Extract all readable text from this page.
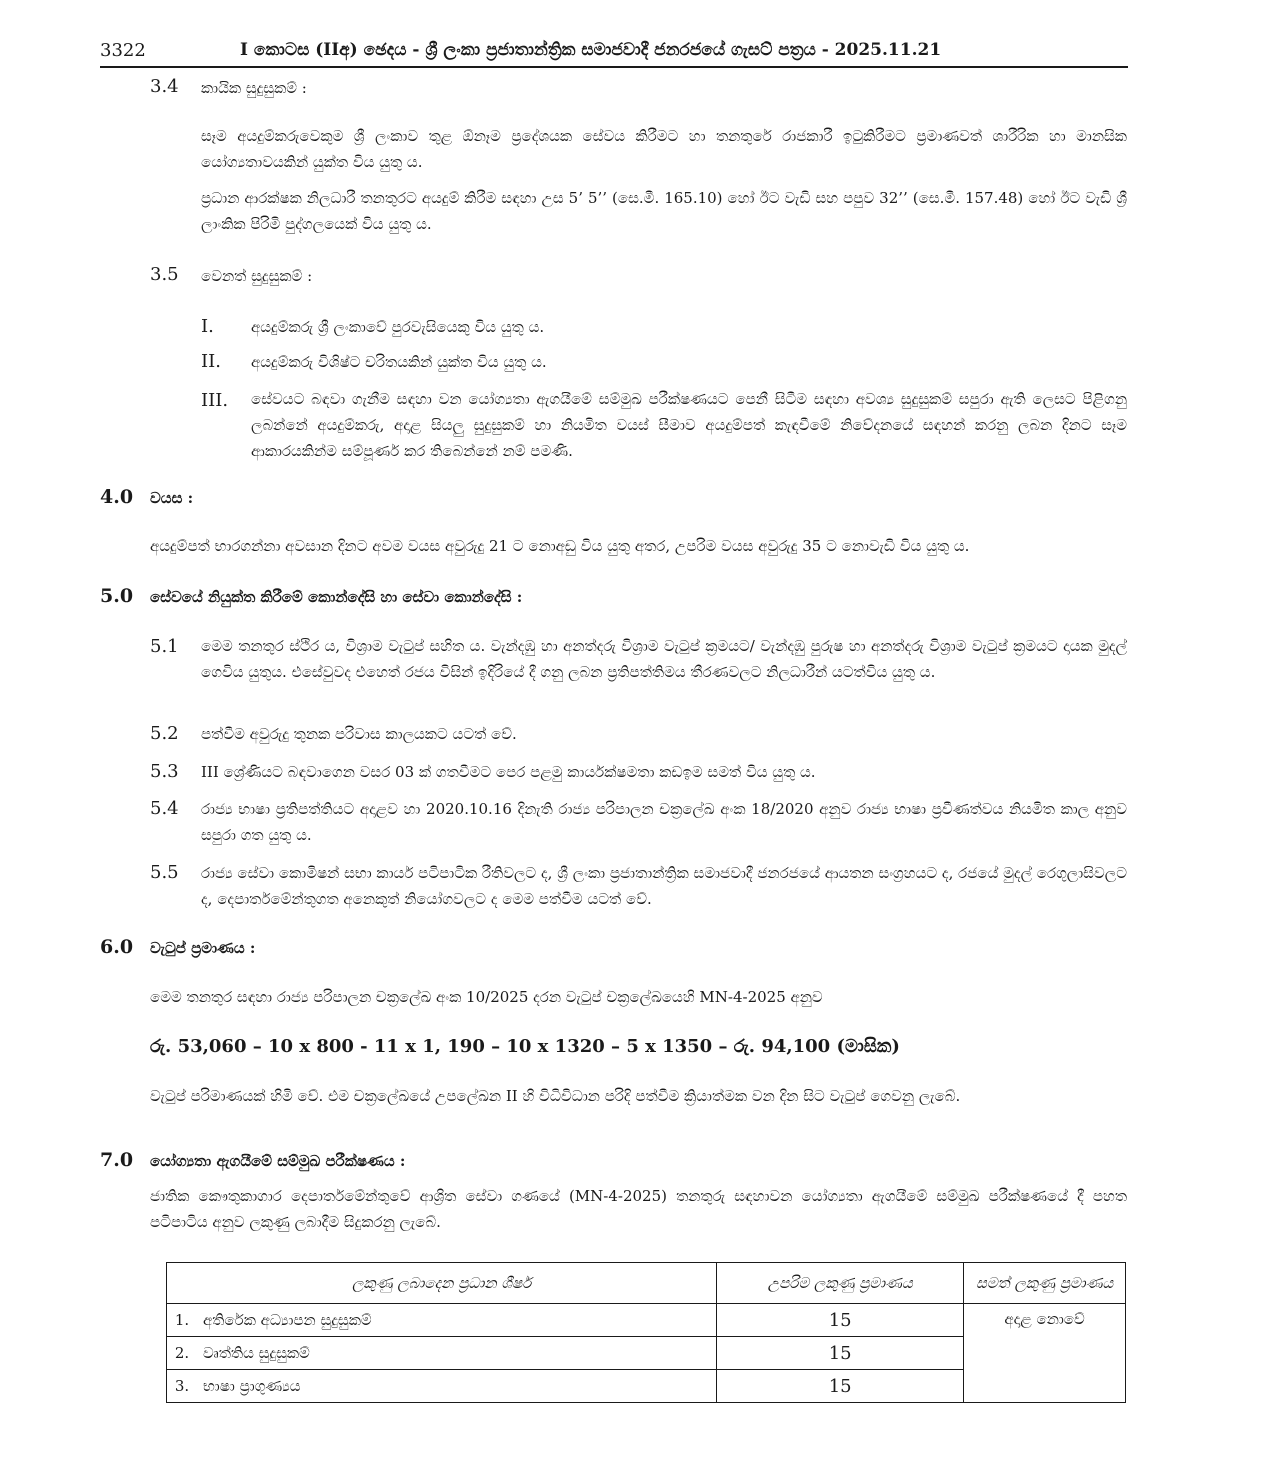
3322	I කොටස (IIඅ) ඡෙදය - ශ්‍රී ලංකා ප්‍රජාතාන්ත්‍රික සමාජවාදී ජනරජයේ ගැසට් පත්‍රය - 2025.11.21
3.4 කායික සුදුසුකම් :
සෑම අයදුම්කරුවෙකුම ශ්‍රී ලංකාව තුළ ඕනෑම ප්‍රදේශයක සේවය කිරීමට හා තනතුරේ රාජකාරී ඉටුකිරීමට ප්‍රමාණවත් ශාරීරික හා මානසික යෝග්‍යතාවයකින් යුක්ත විය යුතු ය.
ප්‍රධාන ආරක්ෂක නිලධාරී තනතුරට අයදුම් කිරීම සඳහා උස 5’ 5’’ (සෙ.මී. 165.10) හෝ ඊට වැඩි සහ පපුව 32’’ (සෙ.මී. 157.48) හෝ ඊට වැඩි ශ්‍රී ලාංකික පිරිමි පුද්ගලයෙක් විය යුතු ය.
3.5 වෙනත් සුදුසුකම් :
I. අයදුම්කරු ශ්‍රී ලංකාවේ පුරවැසියෙකු විය යුතු ය.
II. අයදුම්කරු විශිෂ්ට චරිතයකින් යුක්ත විය යුතු ය.
III. සේවයට බඳවා ගැනීම සඳහා වන යෝග්‍යතා ඇගයීමේ සම්මුඛ පරීක්ෂණයට පෙනී සිටීම සඳහා අවශ්‍ය සුදුසුකම් සපුරා ඇති ලෙසට පිළිගනු ලබන්නේ අයදුම්කරු, අදාළ සියලු සුදුසුකම් හා නියමිත වයස් සීමාව අයදුම්පත් කැඳවීමේ නිවේදනයේ සඳහන් කරනු ලබන දිනට සෑම ආකාරයකින්ම සම්පූර්ණ කර තිබෙන්නේ නම් පමණි.
4.0 වයස :
අයදුම්පත් භාරගන්නා අවසාන දිනට අවම වයස අවුරුදු 21 ට නොඅඩු විය යුතු අතර, උපරිම වයස අවුරුදු 35 ට නොවැඩි විය යුතු ය.
5.0 සේවයේ නියුක්ත කිරීමේ කොන්දේසි හා සේවා කොන්දේසි :
5.1 මෙම තනතුර ස්ථිර ය, විශ්‍රාම වැටුප් සහිත ය. වැන්දඹු හා අනත්දරු විශ්‍රාම වැටුප් ක්‍රමයට/ වැන්දඹු පුරුෂ හා අනත්දරු විශ්‍රාම වැටුප් ක්‍රමයට දායක මුදල් ගෙවිය යුතුය. එසේවුවද එහෙත් රජය විසින් ඉදිරියේ දී ගනු ලබන ප්‍රතිපත්තිමය තීරණවලට නිලධාරීන් යටත්විය යුතු ය.
5.2 පත්වීම අවුරුදු තුනක පරිවාස කාලයකට යටත් වේ.
5.3 III ශ්‍රේණියට බඳවාගෙන වසර 03 ක් ගතවීමට පෙර පළමු කාර්යක්ෂමතා කඩඉම සමත් විය යුතු ය.
5.4 රාජ්‍ය භාෂා ප්‍රතිපත්තියට අදාළව හා 2020.10.16 දිනැති රාජ්‍ය පරිපාලන චක්‍රලේඛ අංක 18/2020 අනුව රාජ්‍ය භාෂා ප්‍රවීණත්වය නියමිත කාල අනුව සපුරා ගත යුතු ය.
5.5 රාජ්‍ය සේවා කොමිෂන් සභා කාර්ය පටිපාටික රීතිවලට ද, ශ්‍රී ලංකා ප්‍රජාතාන්ත්‍රික සමාජවාදී ජනරජයේ ආයතන සංග්‍රහයට ද, රජයේ මුදල් රෙගුලාසිවලට ද, දෙපාර්තමේන්තුගත අනෙකුත් නියෝගවලට ද මෙම පත්වීම යටත් වේ.
6.0 වැටුප් ප්‍රමාණය :
මෙම තනතුර සඳහා රාජ්‍ය පරිපාලන චක්‍රලේඛ අංක 10/2025 දරන වැටුප් චක්‍රලේඛයෙහි MN-4-2025 අනුව
රු. 53,060 – 10 x 800 - 11 x 1, 190 – 10 x 1320 – 5 x 1350 – රු. 94,100 (මාසික)
වැටුප් පරිමාණයක් හිමි වේ. එම චක්‍රලේඛයේ උපලේඛන II හි විධිවිධාන පරිදි පත්වීම ක්‍රියාත්මක වන දින සිට වැටුප් ගෙවනු ලැබේ.
7.0 යෝග්‍යතා ඇගයීමේ සම්මුඛ පරීක්ෂණය :
ජාතික කෞතුකාගාර දෙපාර්තමේන්තුවේ ආශ්‍රිත සේවා ගණයේ (MN-4-2025) තනතුරු සඳහාවන යෝග්‍යතා ඇගයීමේ සම්මුඛ පරීක්ෂණයේ දී පහත පටිපාටිය අනුව ලකුණු ලබාදීම සිදුකරනු ලැබේ.
ලකුණු ලබාදෙන ප්‍රධාන ශීර්ෂ		උපරිම ලකුණු ප්‍රමාණය	සමත් ලකුණු ප්‍රමාණය
1.	අතිරේක අධ්‍යාපන සුදුසුකම්	15	අදාළ නොවේ
2.	වෘත්තිය සුදුසුකම්	15	
3.	භාෂා ප්‍රාගුණ්‍යය	15	
